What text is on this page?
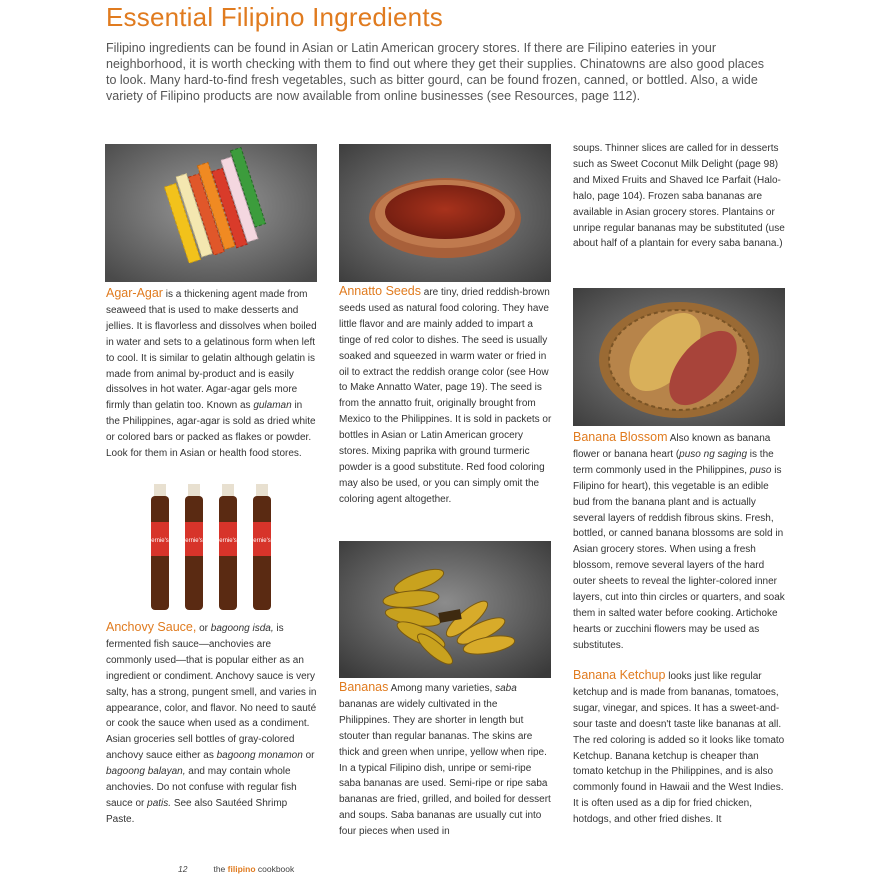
Essential Filipino Ingredients

Filipino ingredients can be found in Asian or Latin American grocery stores. If there are Filipino eateries in your neighborhood, it is worth checking with them to find out where they get their supplies. Chinatowns are also good places to look. Many hard-to-find fresh vegetables, such as bitter gourd, can be found frozen, canned, or bottled. Also, a wide variety of Filipino products are now available from online businesses (see Resources, page 112).

ernie's	ernie's	ernie's	ernie's

Agar-Agar is a thickening agent made from seaweed that is used to make desserts and jellies. It is flavorless and dissolves when boiled in water and sets to a gelatinous form when left to cool. It is similar to gelatin although gelatin is made from animal by-product and is easily dissolves in hot water. Agar-agar gels more firmly than gelatin too. Known as gulaman in the Philippines, agar-agar is sold as dried white or colored bars or packed as flakes or powder. Look for them in Asian or health food stores.

Anchovy Sauce, or bagoong isda, is fermented fish sauce—anchovies are commonly used—that is popular either as an ingredient or condiment. Anchovy sauce is very salty, has a strong, pungent smell, and varies in appearance, color, and flavor. No need to sauté or cook the sauce when used as a condiment. Asian groceries sell bottles of gray-colored anchovy sauce either as bagoong monamon or bagoong balayan, and may contain whole anchovies. Do not confuse with regular fish sauce or patis. See also Sautéed Shrimp Paste.

Annatto Seeds are tiny, dried reddish-brown seeds used as natural food coloring. They have little flavor and are mainly added to impart a tinge of red color to dishes. The seed is usually soaked and squeezed in warm water or fried in oil to extract the reddish orange color (see How to Make Annatto Water, page 19). The seed is from the annatto fruit, originally brought from Mexico to the Philippines. It is sold in packets or bottles in Asian or Latin American grocery stores. Mixing paprika with ground turmeric powder is a good substitute. Red food coloring may also be used, or you can simply omit the coloring agent altogether.

Bananas Among many varieties, saba bananas are widely cultivated in the Philippines. They are shorter in length but stouter than regular bananas. The skins are thick and green when unripe, yellow when ripe. In a typical Filipino dish, unripe or semi-ripe saba bananas are used. Semi-ripe or ripe saba bananas are fried, grilled, and boiled for dessert and soups. Saba bananas are usually cut into four pieces when used in

soups. Thinner slices are called for in desserts such as Sweet Coconut Milk Delight (page 98) and Mixed Fruits and Shaved Ice Parfait (Halo-halo, page 104). Frozen saba bananas are available in Asian grocery stores. Plantains or unripe regular bananas may be substituted (use about half of a plantain for every saba banana.)

Banana Blossom Also known as banana flower or banana heart (puso ng saging is the term commonly used in the Philippines, puso is Filipino for heart), this vegetable is an edible bud from the banana plant and is actually several layers of reddish fibrous skins. Fresh, bottled, or canned banana blossoms are sold in Asian grocery stores. When using a fresh blossom, remove several layers of the hard outer sheets to reveal the lighter-colored inner layers, cut into thin circles or quarters, and soak them in salted water before cooking. Artichoke hearts or zucchini flowers may be used as substitutes.

Banana Ketchup looks just like regular ketchup and is made from bananas, tomatoes, sugar, vinegar, and spices. It has a sweet-and-sour taste and doesn't taste like bananas at all. The red coloring is added so it looks like tomato Ketchup. Banana ketchup is cheaper than tomato ketchup in the Philippines, and is also commonly found in Hawaii and the West Indies. It is often used as a dip for fried chicken, hotdogs, and other fried dishes. It

12	the filipino cookbook
